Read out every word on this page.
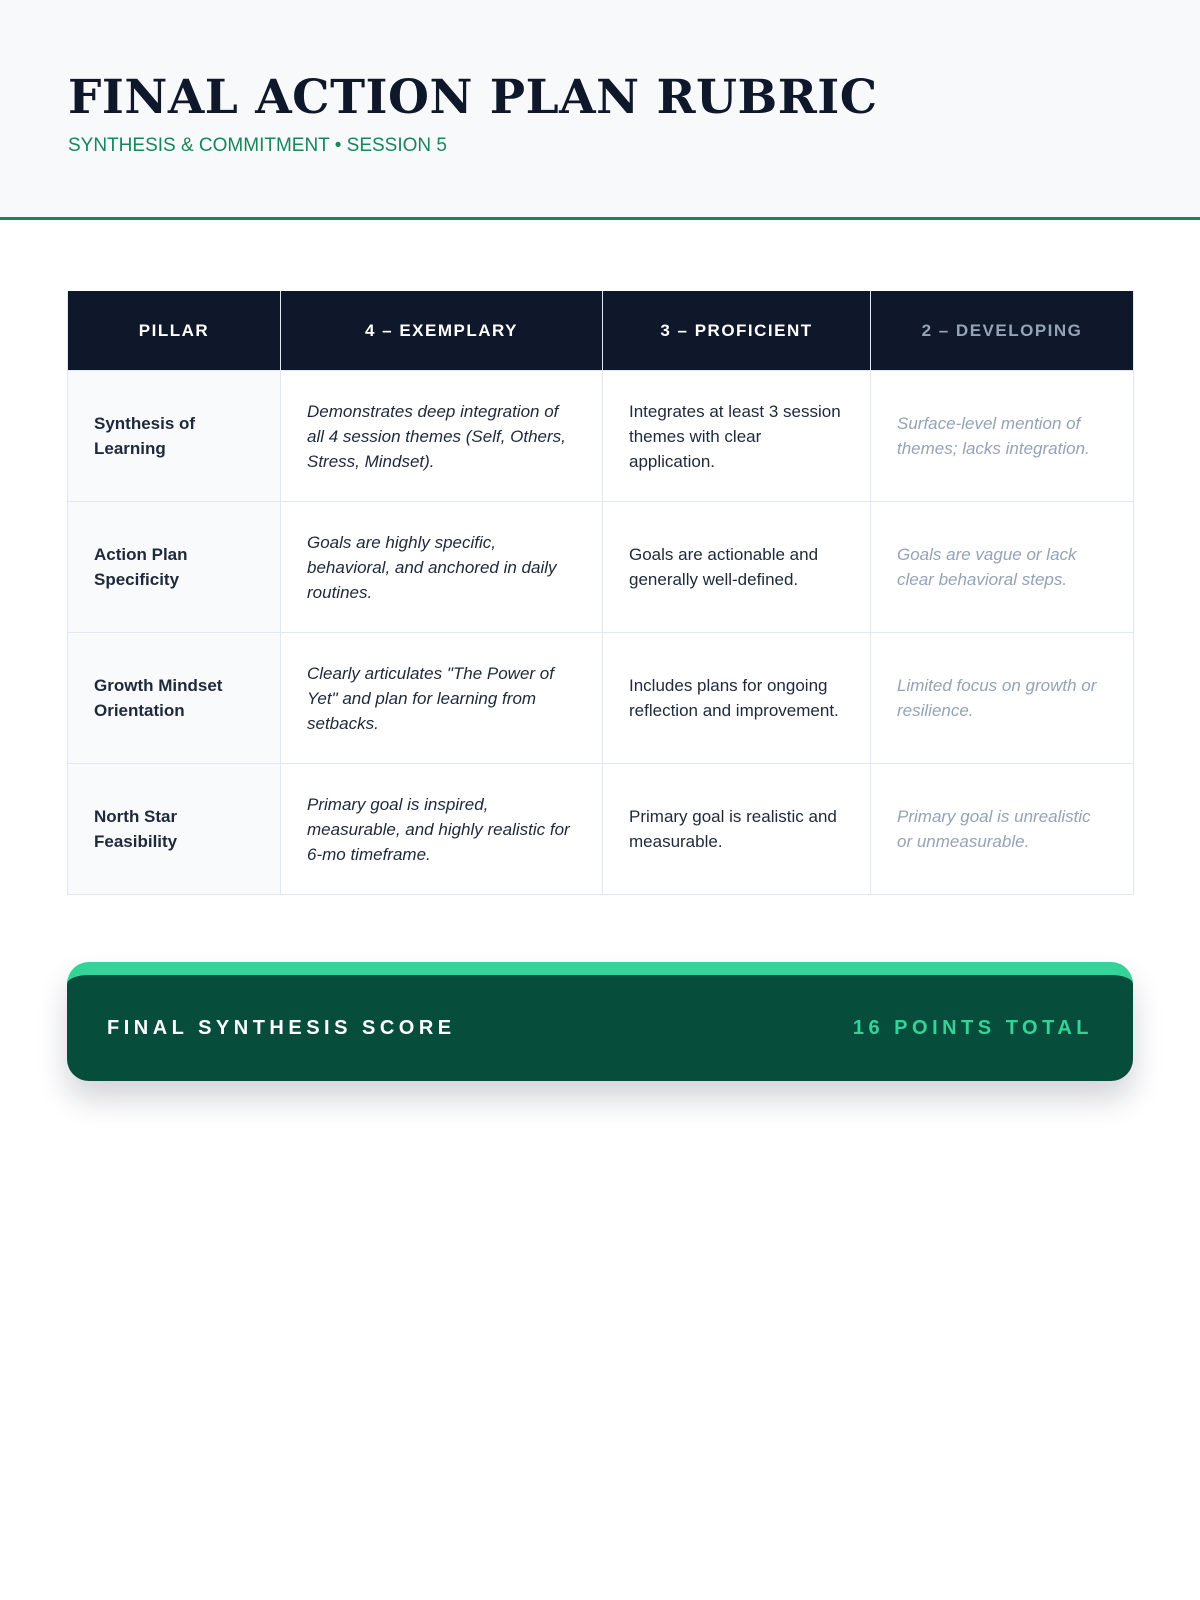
FINAL ACTION PLAN RUBRIC
SYNTHESIS & COMMITMENT • SESSION 5
PILLAR	4 – EXEMPLARY	3 – PROFICIENT	2 – DEVELOPING
Synthesis of Learning	Demonstrates deep integration of all 4 session themes (Self, Others, Stress, Mindset).	Integrates at least 3 session themes with clear application.	Surface-level mention of themes; lacks integration.
Action Plan Specificity	Goals are highly specific, behavioral, and anchored in daily routines.	Goals are actionable and generally well-defined.	Goals are vague or lack clear behavioral steps.
Growth Mindset Orientation	Clearly articulates "The Power of Yet" and plan for learning from setbacks.	Includes plans for ongoing reflection and improvement.	Limited focus on growth or resilience.
North Star Feasibility	Primary goal is inspired, measurable, and highly realistic for 6-mo timeframe.	Primary goal is realistic and measurable.	Primary goal is unrealistic or unmeasurable.
FINAL SYNTHESIS SCORE	16 POINTS TOTAL
